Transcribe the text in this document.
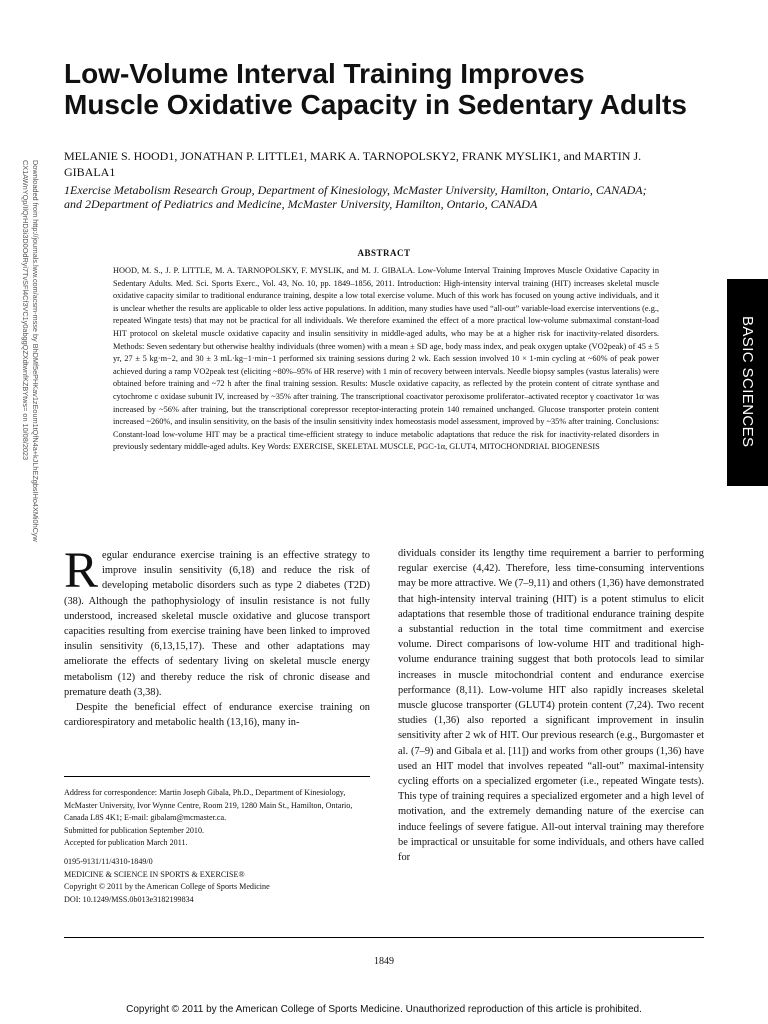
Low-Volume Interval Training Improves
Muscle Oxidative Capacity in Sedentary Adults
MELANIE S. HOOD1, JONATHAN P. LITTLE1, MARK A. TARNOPOLSKY2, FRANK MYSLIK1, and MARTIN J. GIBALA1
1Exercise Metabolism Research Group, Department of Kinesiology, McMaster University, Hamilton, Ontario, CANADA;
and 2Department of Pediatrics and Medicine, McMaster University, Hamilton, Ontario, CANADA
Downloaded from http://journals.lww.com/acsm-msse by BhDMf5ePHKav1zEoum1tQfN4a+kJLhEZgbsIHo4XMi0hCyw
CX1AWnYQp/IlQrHD3i3D0OdRyi7TvSFl4Cf3VC1y0abggQZXdtwnfKZBYtws= on 10/08/2023	BASIC SCIENCES
ABSTRACT

HOOD, M. S., J. P. LITTLE, M. A. TARNOPOLSKY, F. MYSLIK, and M. J. GIBALA. Low-Volume Interval Training Improves Muscle Oxidative Capacity in Sedentary Adults. Med. Sci. Sports Exerc., Vol. 43, No. 10, pp. 1849–1856, 2011. Introduction: High-intensity interval training (HIT) increases skeletal muscle oxidative capacity similar to traditional endurance training, despite a low total exercise volume. Much of this work has focused on young active individuals, and it is unclear whether the results are applicable to older less active populations. In addition, many studies have used “all-out” variable-load exercise interventions (e.g., repeated Wingate tests) that may not be practical for all individuals. We therefore examined the effect of a more practical low-volume submaximal constant-load HIT protocol on skeletal muscle oxidative capacity and insulin sensitivity in middle-aged adults, who may be at a higher risk for inactivity-related disorders. Methods: Seven sedentary but otherwise healthy individuals (three women) with a mean ± SD age, body mass index, and peak oxygen uptake (VO2peak) of 45 ± 5 yr, 27 ± 5 kg·m−2, and 30 ± 3 mL·kg−1·min−1 performed six training sessions during 2 wk. Each session involved 10 × 1-min cycling at ~60% of peak power achieved during a ramp VO2peak test (eliciting ~80%–95% of HR reserve) with 1 min of recovery between intervals. Needle biopsy samples (vastus lateralis) were obtained before training and ~72 h after the final training session. Results: Muscle oxidative capacity, as reflected by the protein content of citrate synthase and cytochrome c oxidase subunit IV, increased by ~35% after training. The transcriptional coactivator peroxisome proliferator–activated receptor γ coactivator 1α was increased by ~56% after training, but the transcriptional corepressor receptor-interacting protein 140 remained unchanged. Glucose transporter protein content increased ~260%, and insulin sensitivity, on the basis of the insulin sensitivity index homeostasis model assessment, improved by ~35% after training. Conclusions: Constant-load low-volume HIT may be a practical time-efficient strategy to induce metabolic adaptations that reduce the risk for inactivity-related disorders in previously sedentary middle-aged adults. Key Words: EXERCISE, SKELETAL MUSCLE, PGC-1α, GLUT4, MITOCHONDRIAL BIOGENESIS

R egular endurance exercise training is an effective strategy to improve insulin sensitivity (6,18) and reduce the risk of developing metabolic disorders such as type 2 diabetes (T2D) (38). Although the pathophysiology of insulin resistance is not fully understood, increased skeletal muscle oxidative and glucose transport capacities resulting from exercise training have been linked to improved insulin sensitivity (6,13,15,17). These and other adaptations may ameliorate the effects of sedentary living on skeletal muscle energy metabolism (12) and thereby reduce the risk of chronic disease and premature death (3,38).

Despite the beneficial effect of endurance exercise training on cardiorespiratory and metabolic health (13,16), many in-

dividuals consider its lengthy time requirement a barrier to performing regular exercise (4,42). Therefore, less time-consuming interventions may be more attractive. We (7–9,11) and others (1,36) have demonstrated that high-intensity interval training (HIT) is a potent stimulus to elicit adaptations that resemble those of traditional endurance training despite a substantial reduction in the total time commitment and exercise volume. Direct comparisons of low-volume HIT and traditional high-volume endurance training suggest that both protocols lead to similar increases in muscle mitochondrial content and endurance exercise performance (8,11). Low-volume HIT also rapidly increases skeletal muscle glucose transporter (GLUT4) protein content (7,24). Two recent studies (1,36) also reported a significant improvement in insulin sensitivity after 2 wk of HIT. Our previous research (e.g., Burgomaster et al. (7–9) and Gibala et al. [11]) and works from other groups (1,36) have used an HIT model that involves repeated “all-out” maximal-intensity cycling efforts on a specialized ergometer (i.e., repeated Wingate tests). This type of training requires a specialized ergometer and a high level of motivation, and the extremely demanding nature of the exercise can induce feelings of severe fatigue. All-out interval training may therefore be impractical or unsuitable for some individuals, and others have called for

Address for correspondence: Martin Joseph Gibala, Ph.D., Department of Kinesiology, McMaster University, Ivor Wynne Centre, Room 219, 1280 Main St., Hamilton, Ontario, Canada L8S 4K1; E-mail: gibalam@mcmaster.ca.
Submitted for publication September 2010.
Accepted for publication March 2011.
0195-9131/11/4310-1849/0
MEDICINE & SCIENCE IN SPORTS & EXERCISE®
Copyright © 2011 by the American College of Sports Medicine
DOI: 10.1249/MSS.0b013e3182199834
1849
Copyright © 2011 by the American College of Sports Medicine. Unauthorized reproduction of this article is prohibited.
